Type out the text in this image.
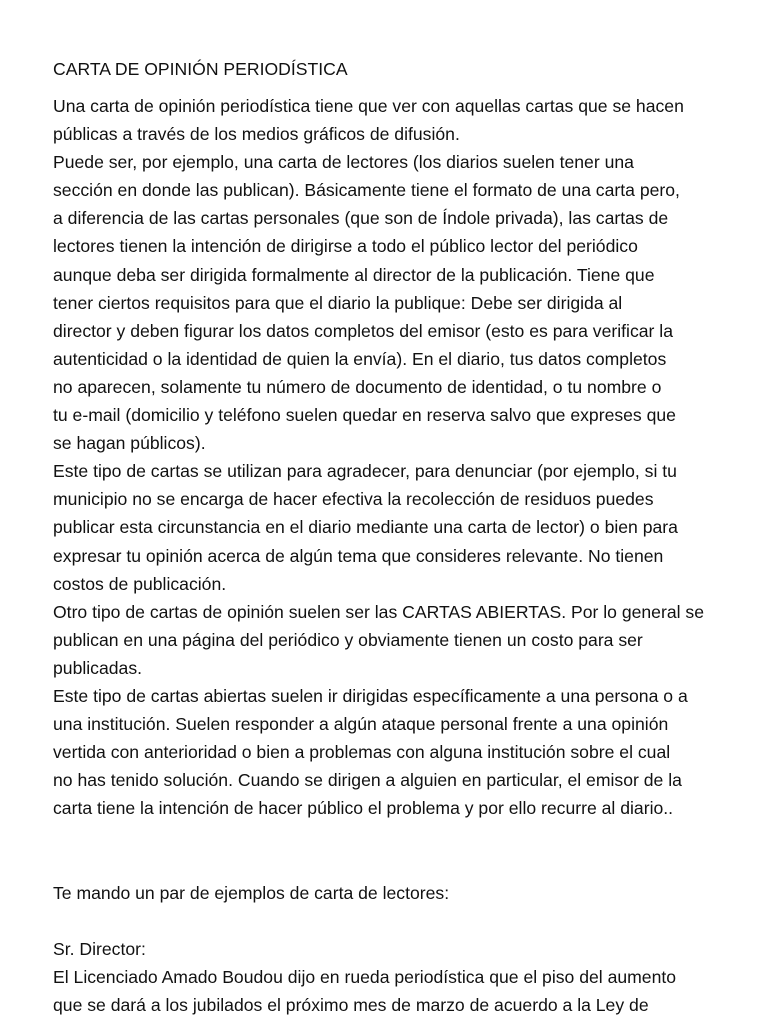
CARTA DE OPINIÓN PERIODÍSTICA
Una carta de opinión periodística tiene que ver con aquellas cartas que se hacen
públicas a través de los medios gráficos de difusión.
Puede ser, por ejemplo, una carta de lectores (los diarios suelen tener una
sección en donde las publican). Básicamente tiene el formato de una carta pero,
a diferencia de las cartas personales (que son de Índole privada), las cartas de
lectores tienen la intención de dirigirse a todo el público lector del periódico
aunque deba ser dirigida formalmente al director de la publicación. Tiene que
tener ciertos requisitos para que el diario la publique: Debe ser dirigida al
director y deben figurar los datos completos del emisor (esto es para verificar la
autenticidad o la identidad de quien la envía). En el diario, tus datos completos
no aparecen, solamente tu número de documento de identidad, o tu nombre o
tu e-mail (domicilio y teléfono suelen quedar en reserva salvo que expreses que
se hagan públicos).
Este tipo de cartas se utilizan para agradecer, para denunciar (por ejemplo, si tu
municipio no se encarga de hacer efectiva la recolección de residuos puedes
publicar esta circunstancia en el diario mediante una carta de lector) o bien para
expresar tu opinión acerca de algún tema que consideres relevante. No tienen
costos de publicación.
Otro tipo de cartas de opinión suelen ser las CARTAS ABIERTAS. Por lo general se
publican en una página del periódico y obviamente tienen un costo para ser
publicadas.
Este tipo de cartas abiertas suelen ir dirigidas específicamente a una persona o a
una institución. Suelen responder a algún ataque personal frente a una opinión
vertida con anterioridad o bien a problemas con alguna institución sobre el cual
no has tenido solución. Cuando se dirigen a alguien en particular, el emisor de la
carta tiene la intención de hacer público el problema y por ello recurre al diario..
Te mando un par de ejemplos de carta de lectores:
Sr. Director:
El Licenciado Amado Boudou dijo en rueda periodística que el piso del aumento
que se dará a los jubilados el próximo mes de marzo de acuerdo a la Ley de
